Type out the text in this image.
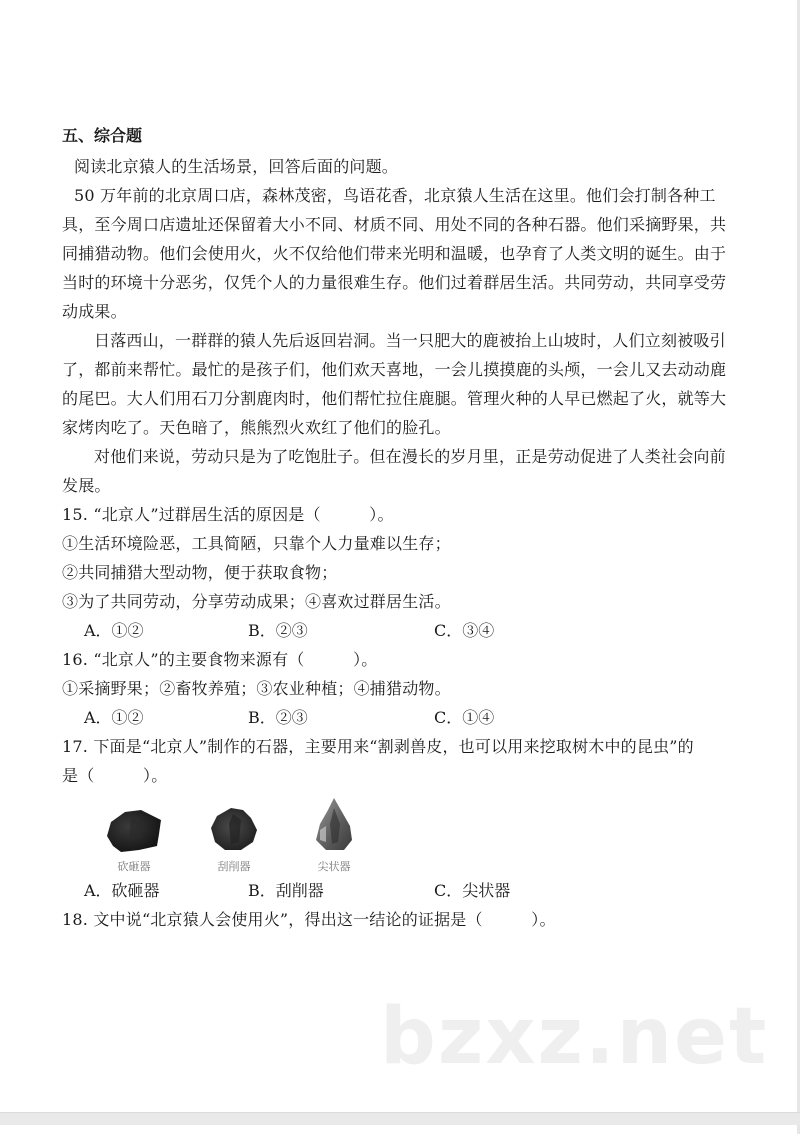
五、综合题
阅读北京猿人的生活场景，回答后面的问题。
50 万年前的北京周口店，森林茂密，鸟语花香，北京猿人生活在这里。他们会打制各种工
具，至今周口店遗址还保留着大小不同、材质不同、用处不同的各种石器。他们采摘野果，共
同捕猎动物。他们会使用火，火不仅给他们带来光明和温暖，也孕育了人类文明的诞生。由于
当时的环境十分恶劣，仅凭个人的力量很难生存。他们过着群居生活。共同劳动，共同享受劳
动成果。
日落西山，一群群的猿人先后返回岩洞。当一只肥大的鹿被抬上山坡时，人们立刻被吸引
了，都前来帮忙。最忙的是孩子们，他们欢天喜地，一会儿摸摸鹿的头颅，一会儿又去动动鹿
的尾巴。大人们用石刀分割鹿肉时，他们帮忙拉住鹿腿。管理火种的人早已燃起了火，就等大
家烤肉吃了。天色暗了，熊熊烈火欢红了他们的脸孔。
对他们来说，劳动只是为了吃饱肚子。但在漫长的岁月里，正是劳动促进了人类社会向前
发展。
15. “北京人”过群居生活的原因是（　　　）。
①生活环境险恶，工具简陋，只靠个人力量难以生存；
②共同捕猎大型动物，便于获取食物；
③为了共同劳动，分享劳动成果；④喜欢过群居生活。
A．①②	B．②③	C．③④
16. “北京人”的主要食物来源有（　　　）。
①采摘野果；②畜牧养殖；③农业种植；④捕猎动物。
A．①②	B．②③	C．①④
17. 下面是“北京人”制作的石器，主要用来“割剥兽皮，也可以用来挖取树木中的昆虫”的
是（　　　）。
砍砸器	刮削器	尖状器
A．砍砸器	B．刮削器	C．尖状器
18. 文中说“北京猿人会使用火”，得出这一结论的证据是（　　　）。
bzxz.net
